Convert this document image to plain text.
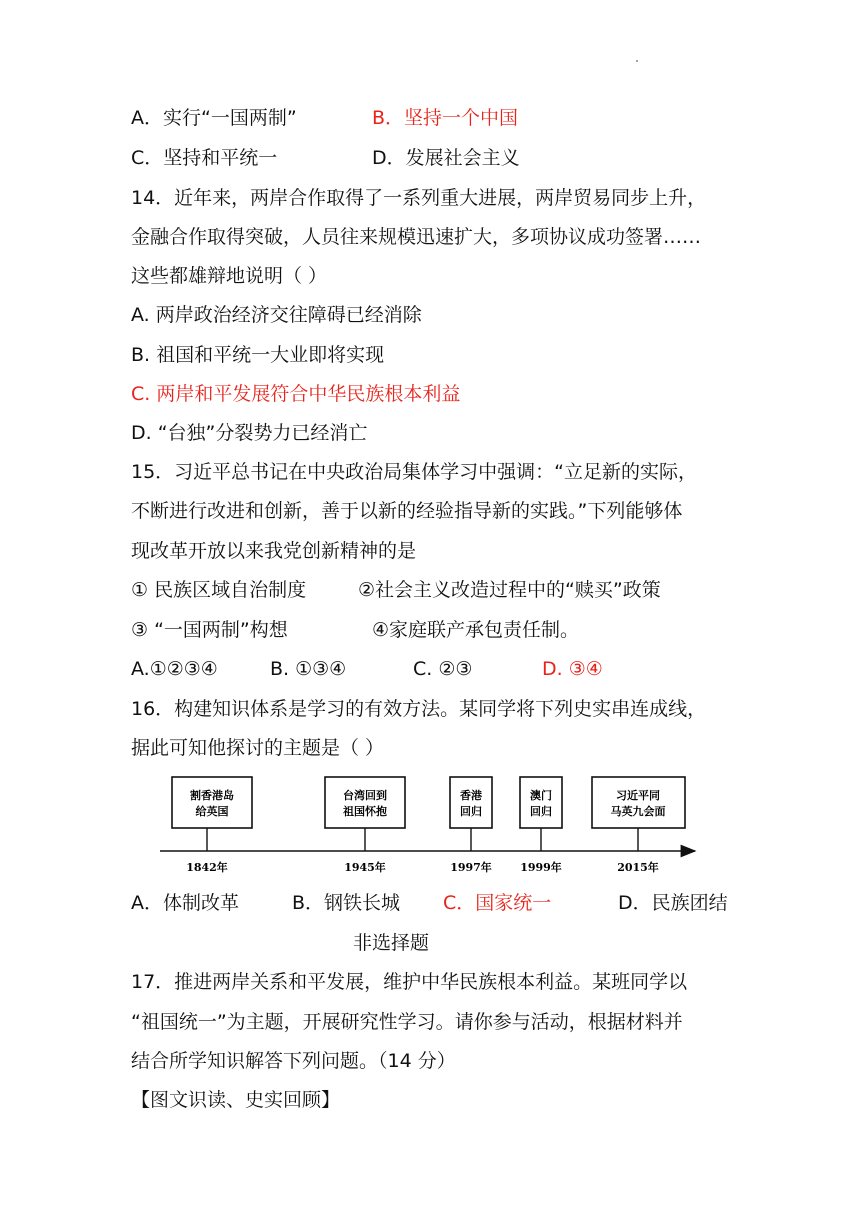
A．实行“一国两制”	B．坚持一个中国
C．坚持和平统一	D．发展社会主义
14．近年来，两岸合作取得了一系列重大进展，两岸贸易同步上升，
金融合作取得突破，人员往来规模迅速扩大，多项协议成功签署……
这些都雄辩地说明（ ）
A. 两岸政治经济交往障碍已经消除
B. 祖国和平统一大业即将实现
C. 两岸和平发展符合中华民族根本利益
D. “台独”分裂势力已经消亡
15．习近平总书记在中央政治局集体学习中强调：“立足新的实际，
不断进行改进和创新，善于以新的经验指导新的实践。”下列能够体
现改革开放以来我党创新精神的是
① 民族区域自治制度	②社会主义改造过程中的“赎买”政策
③ “一国两制”构想	④家庭联产承包责任制。
A.①②③④	B. ①③④	C. ②③	D. ③④
16．构建知识体系是学习的有效方法。某同学将下列史实串连成线，
据此可知他探讨的主题是（ ）
割香港岛
给英国
1842年
台湾回到
祖国怀抱
1945年
香港
回归
1997年
澳门
回归
1999年
习近平同
马英九会面
2015年
A．体制改革	B．钢铁长城 C．国家统一	D．民族团结
非选择题
17．推进两岸关系和平发展，维护中华民族根本利益。某班同学以
“祖国统一”为主题，开展研究性学习。请你参与活动，根据材料并
结合所学知识解答下列问题。（14 分）
【图文识读、史实回顾】
